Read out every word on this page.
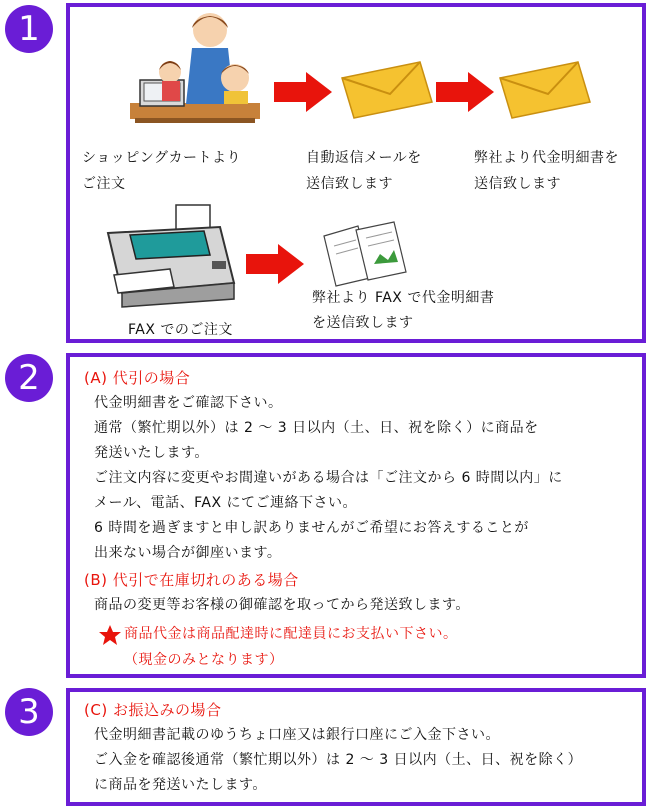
1
ショッピングカートより
ご注文
自動返信メールを
送信致します
弊社より代金明細書を
送信致します
FAX でのご注文
弊社より FAX で代金明細書
を送信致します
2	(A) 代引の場合
代金明細書をご確認下さい。
通常（繁忙期以外）は 2 ～ 3 日以内（土、日、祝を除く）に商品を
発送いたします。
ご注文内容に変更やお間違いがある場合は「ご注文から 6 時間以内」に
メール、電話、FAX にてご連絡下さい。
6 時間を過ぎますと申し訳ありませんがご希望にお答えすることが
出来ない場合が御座います。
(B) 代引で在庫切れのある場合
商品の変更等お客様の御確認を取ってから発送致します。
商品代金は商品配達時に配達員にお支払い下さい。
（現金のみとなります）
3	(C) お振込みの場合
代金明細書記載のゆうちょ口座又は銀行口座にご入金下さい。
ご入金を確認後通常（繁忙期以外）は 2 ～ 3 日以内（土、日、祝を除く）
に商品を発送いたします。
